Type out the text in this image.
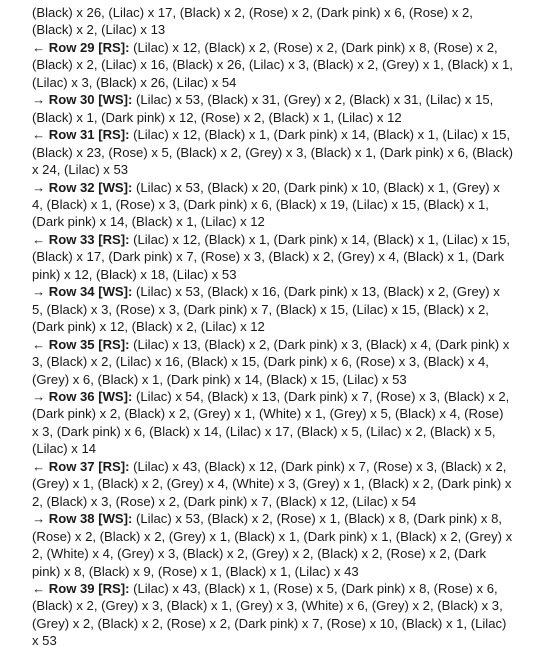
(Black) x 26, (Lilac) x 17, (Black) x 2, (Rose) x 2, (Dark pink) x 6, (Rose) x 2, (Black) x 2, (Lilac) x 13

← Row 29 [RS]: (Lilac) x 12, (Black) x 2, (Rose) x 2, (Dark pink) x 8, (Rose) x 2, (Black) x 2, (Lilac) x 16, (Black) x 26, (Lilac) x 3, (Black) x 2, (Grey) x 1, (Black) x 1, (Lilac) x 3, (Black) x 26, (Lilac) x 54

→ Row 30 [WS]: (Lilac) x 53, (Black) x 31, (Grey) x 2, (Black) x 31, (Lilac) x 15, (Black) x 1, (Dark pink) x 12, (Rose) x 2, (Black) x 1, (Lilac) x 12

← Row 31 [RS]: (Lilac) x 12, (Black) x 1, (Dark pink) x 14, (Black) x 1, (Lilac) x 15, (Black) x 23, (Rose) x 5, (Black) x 2, (Grey) x 3, (Black) x 1, (Dark pink) x 6, (Black) x 24, (Lilac) x 53

→ Row 32 [WS]: (Lilac) x 53, (Black) x 20, (Dark pink) x 10, (Black) x 1, (Grey) x 4, (Black) x 1, (Rose) x 3, (Dark pink) x 6, (Black) x 19, (Lilac) x 15, (Black) x 1, (Dark pink) x 14, (Black) x 1, (Lilac) x 12

← Row 33 [RS]: (Lilac) x 12, (Black) x 1, (Dark pink) x 14, (Black) x 1, (Lilac) x 15, (Black) x 17, (Dark pink) x 7, (Rose) x 3, (Black) x 2, (Grey) x 4, (Black) x 1, (Dark pink) x 12, (Black) x 18, (Lilac) x 53

→ Row 34 [WS]: (Lilac) x 53, (Black) x 16, (Dark pink) x 13, (Black) x 2, (Grey) x 5, (Black) x 3, (Rose) x 3, (Dark pink) x 7, (Black) x 15, (Lilac) x 15, (Black) x 2, (Dark pink) x 12, (Black) x 2, (Lilac) x 12

← Row 35 [RS]: (Lilac) x 13, (Black) x 2, (Dark pink) x 3, (Black) x 4, (Dark pink) x 3, (Black) x 2, (Lilac) x 16, (Black) x 15, (Dark pink) x 6, (Rose) x 3, (Black) x 4, (Grey) x 6, (Black) x 1, (Dark pink) x 14, (Black) x 15, (Lilac) x 53

→ Row 36 [WS]: (Lilac) x 54, (Black) x 13, (Dark pink) x 7, (Rose) x 3, (Black) x 2, (Dark pink) x 2, (Black) x 2, (Grey) x 1, (White) x 1, (Grey) x 5, (Black) x 4, (Rose) x 3, (Dark pink) x 6, (Black) x 14, (Lilac) x 17, (Black) x 5, (Lilac) x 2, (Black) x 5, (Lilac) x 14

← Row 37 [RS]: (Lilac) x 43, (Black) x 12, (Dark pink) x 7, (Rose) x 3, (Black) x 2, (Grey) x 1, (Black) x 2, (Grey) x 4, (White) x 3, (Grey) x 1, (Black) x 2, (Dark pink) x 2, (Black) x 3, (Rose) x 2, (Dark pink) x 7, (Black) x 12, (Lilac) x 54

→ Row 38 [WS]: (Lilac) x 53, (Black) x 2, (Rose) x 1, (Black) x 8, (Dark pink) x 8, (Rose) x 2, (Black) x 2, (Grey) x 1, (Black) x 1, (Dark pink) x 1, (Black) x 2, (Grey) x 2, (White) x 4, (Grey) x 3, (Black) x 2, (Grey) x 2, (Black) x 2, (Rose) x 2, (Dark pink) x 8, (Black) x 9, (Rose) x 1, (Black) x 1, (Lilac) x 43

← Row 39 [RS]: (Lilac) x 43, (Black) x 1, (Rose) x 5, (Dark pink) x 8, (Rose) x 6, (Black) x 2, (Grey) x 3, (Black) x 1, (Grey) x 3, (White) x 6, (Grey) x 2, (Black) x 3, (Grey) x 2, (Black) x 2, (Rose) x 2, (Dark pink) x 7, (Rose) x 10, (Black) x 1, (Lilac) x 53
